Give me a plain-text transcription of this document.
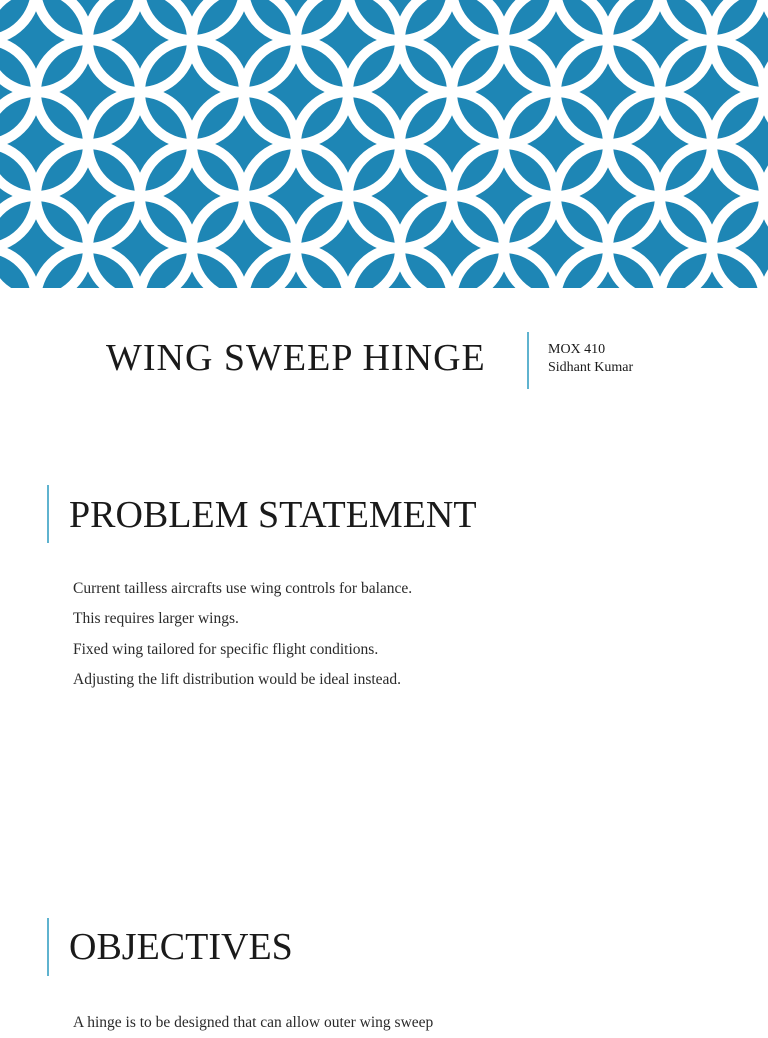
WING SWEEP HINGE	MOX 410
Sidhant Kumar
PROBLEM STATEMENT
Current tailless aircrafts use wing controls for balance.
This requires larger wings.
Fixed wing tailored for specific flight conditions.
Adjusting the lift distribution would be ideal instead.
OBJECTIVES
A hinge is to be designed that can allow outer wing sweep
